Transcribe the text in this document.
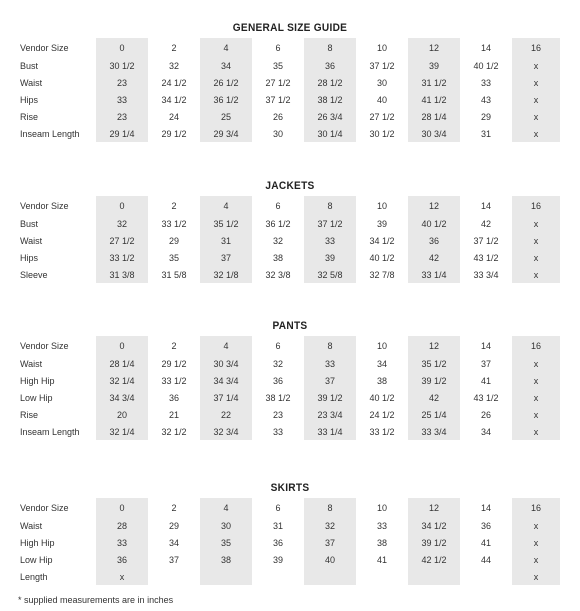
GENERAL SIZE GUIDE
Vendor Size	0	2	4	6	8	10	12	14	16
Bust	30 1/2	32	34	35	36	37 1/2	39	40 1/2	x
Waist	23	24 1/2	26 1/2	27 1/2	28 1/2	30	31 1/2	33	x
Hips	33	34 1/2	36 1/2	37 1/2	38 1/2	40	41 1/2	43	x
Rise	23	24	25	26	26 3/4	27 1/2	28 1/4	29	x
Inseam Length	29 1/4	29 1/2	29 3/4	30	30 1/4	30 1/2	30 3/4	31	x
JACKETS
Vendor Size	0	2	4	6	8	10	12	14	16
Bust	32	33 1/2	35 1/2	36 1/2	37 1/2	39	40 1/2	42	x
Waist	27 1/2	29	31	32	33	34 1/2	36	37 1/2	x
Hips	33 1/2	35	37	38	39	40 1/2	42	43 1/2	x
Sleeve	31 3/8	31 5/8	32 1/8	32 3/8	32 5/8	32 7/8	33 1/4	33 3/4	x
PANTS
Vendor Size	0	2	4	6	8	10	12	14	16
Waist	28 1/4	29 1/2	30 3/4	32	33	34	35 1/2	37	x
High Hip	32 1/4	33 1/2	34 3/4	36	37	38	39 1/2	41	x
Low Hip	34 3/4	36	37 1/4	38 1/2	39 1/2	40 1/2	42	43 1/2	x
Rise	20	21	22	23	23 3/4	24 1/2	25 1/4	26	x
Inseam Length	32 1/4	32 1/2	32 3/4	33	33 1/4	33 1/2	33 3/4	34	x
SKIRTS
Vendor Size	0	2	4	6	8	10	12	14	16
Waist	28	29	30	31	32	33	34 1/2	36	x
High Hip	33	34	35	36	37	38	39 1/2	41	x
Low Hip	36	37	38	39	40	41	42 1/2	44	x
Length	x								x
* supplied measurements are in inches
